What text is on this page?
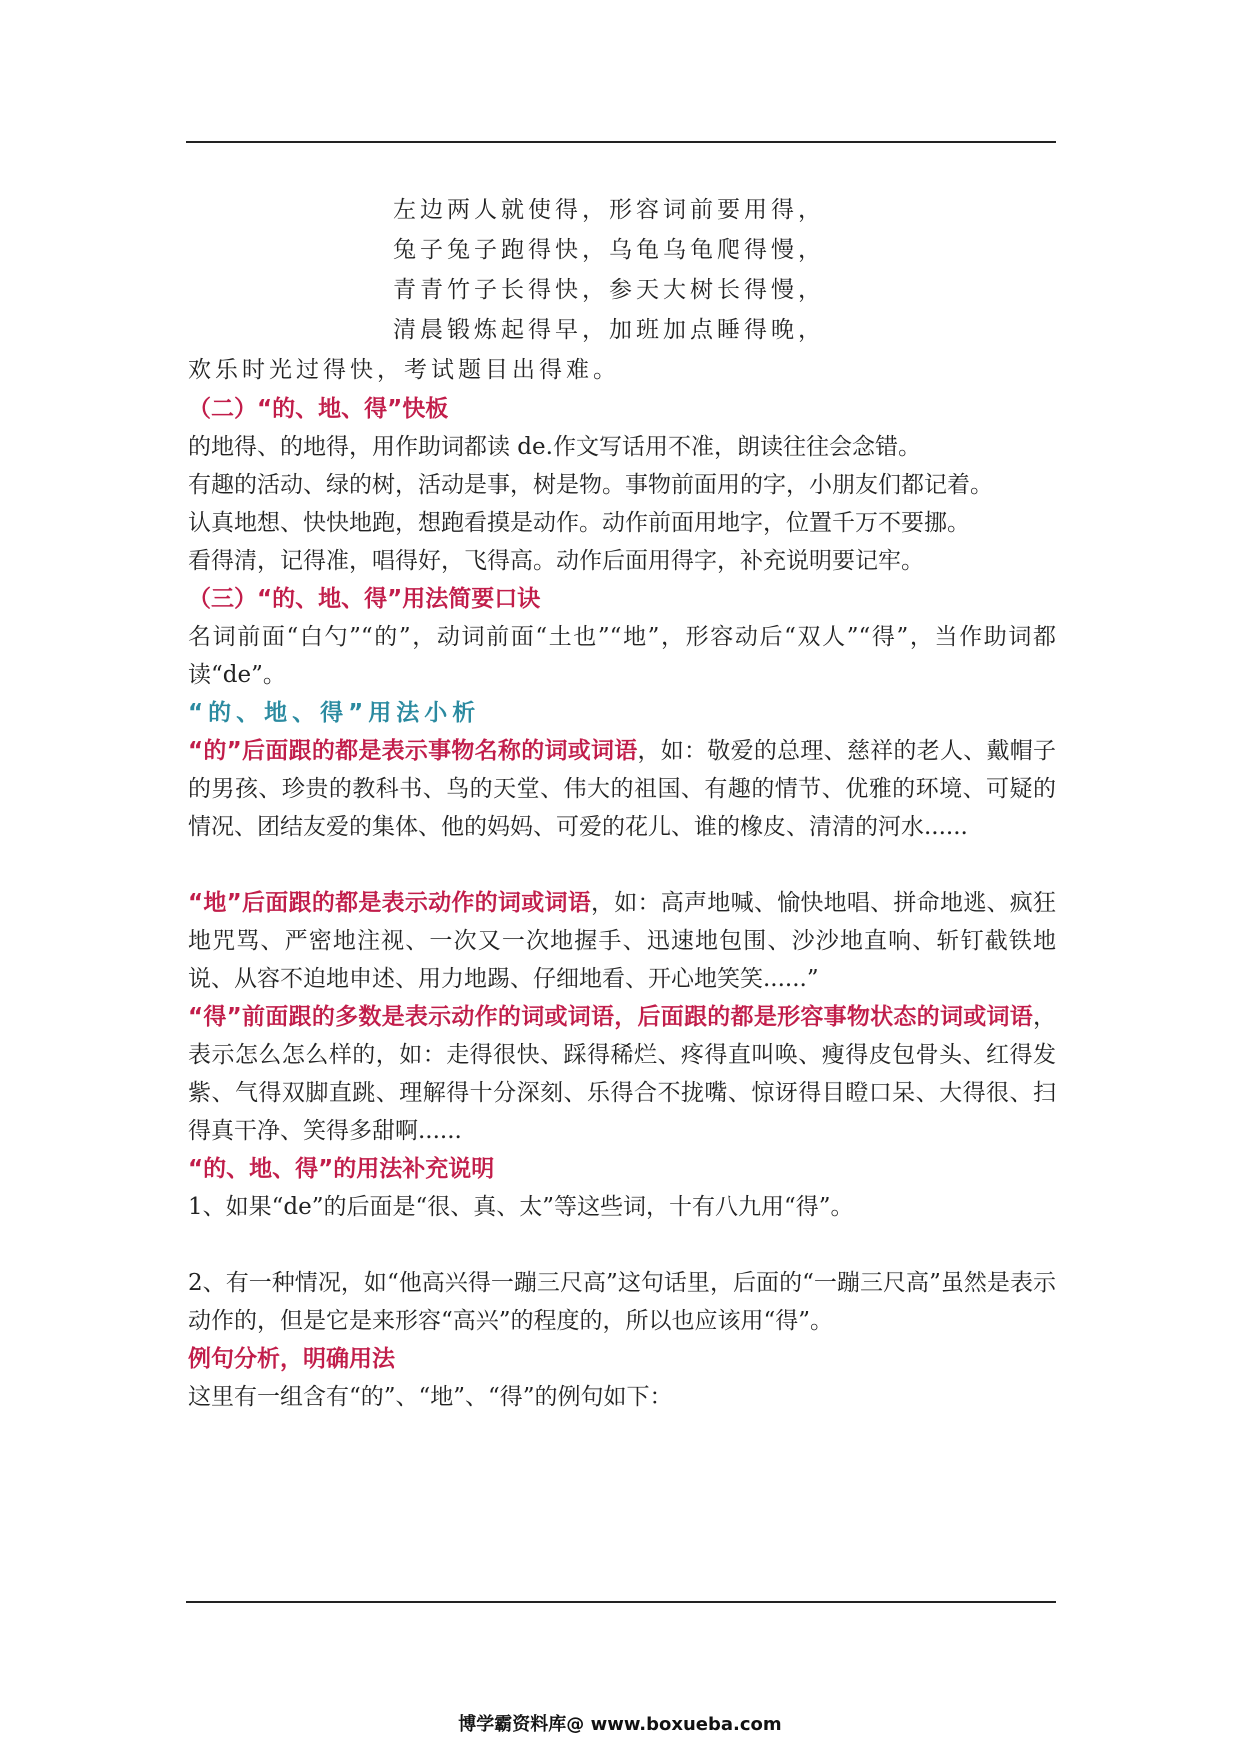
左边两人就使得，形容词前要用得，
兔子兔子跑得快，乌龟乌龟爬得慢，
青青竹子长得快，参天大树长得慢，
清晨锻炼起得早，加班加点睡得晚，
欢乐时光过得快，考试题目出得难。
（二）“的、地、得”快板
的地得、的地得，用作助词都读 de.作文写话用不准，朗读往往会念错。
有趣的活动、绿的树，活动是事，树是物。事物前面用的字，小朋友们都记着。
认真地想、快快地跑，想跑看摸是动作。动作前面用地字，位置千万不要挪。
看得清，记得准，唱得好，飞得高。动作后面用得字，补充说明要记牢。
（三）“的、地、得”用法简要口诀

名词前面“白勺”“的”，动词前面“土也”“地”，形容动后“双人”“得”，当作助词都读“de”。

“的、地、得”用法小析

“的”后面跟的都是表示事物名称的词或词语，如：敬爱的总理、慈祥的老人、戴帽子的男孩、珍贵的教科书、鸟的天堂、伟大的祖国、有趣的情节、优雅的环境、可疑的情况、团结友爱的集体、他的妈妈、可爱的花儿、谁的橡皮、清清的河水......

“地”后面跟的都是表示动作的词或词语，如：高声地喊、愉快地唱、拼命地逃、疯狂地咒骂、严密地注视、一次又一次地握手、迅速地包围、沙沙地直响、斩钉截铁地说、从容不迫地申述、用力地踢、仔细地看、开心地笑笑......”

“得”前面跟的多数是表示动作的词或词语，后面跟的都是形容事物状态的词或词语，表示怎么怎么样的，如：走得很快、踩得稀烂、疼得直叫唤、瘦得皮包骨头、红得发紫、气得双脚直跳、理解得十分深刻、乐得合不拢嘴、惊讶得目瞪口呆、大得很、扫得真干净、笑得多甜啊......

“的、地、得”的用法补充说明

1、如果“de”的后面是“很、真、太”等这些词，十有八九用“得”。

2、有一种情况，如“他高兴得一蹦三尺高”这句话里，后面的“一蹦三尺高”虽然是表示动作的，但是它是来形容“高兴”的程度的，所以也应该用“得”。

例句分析，明确用法

这里有一组含有“的”、“地”、“得”的例句如下：

博学霸资料库@ www.boxueba.com
